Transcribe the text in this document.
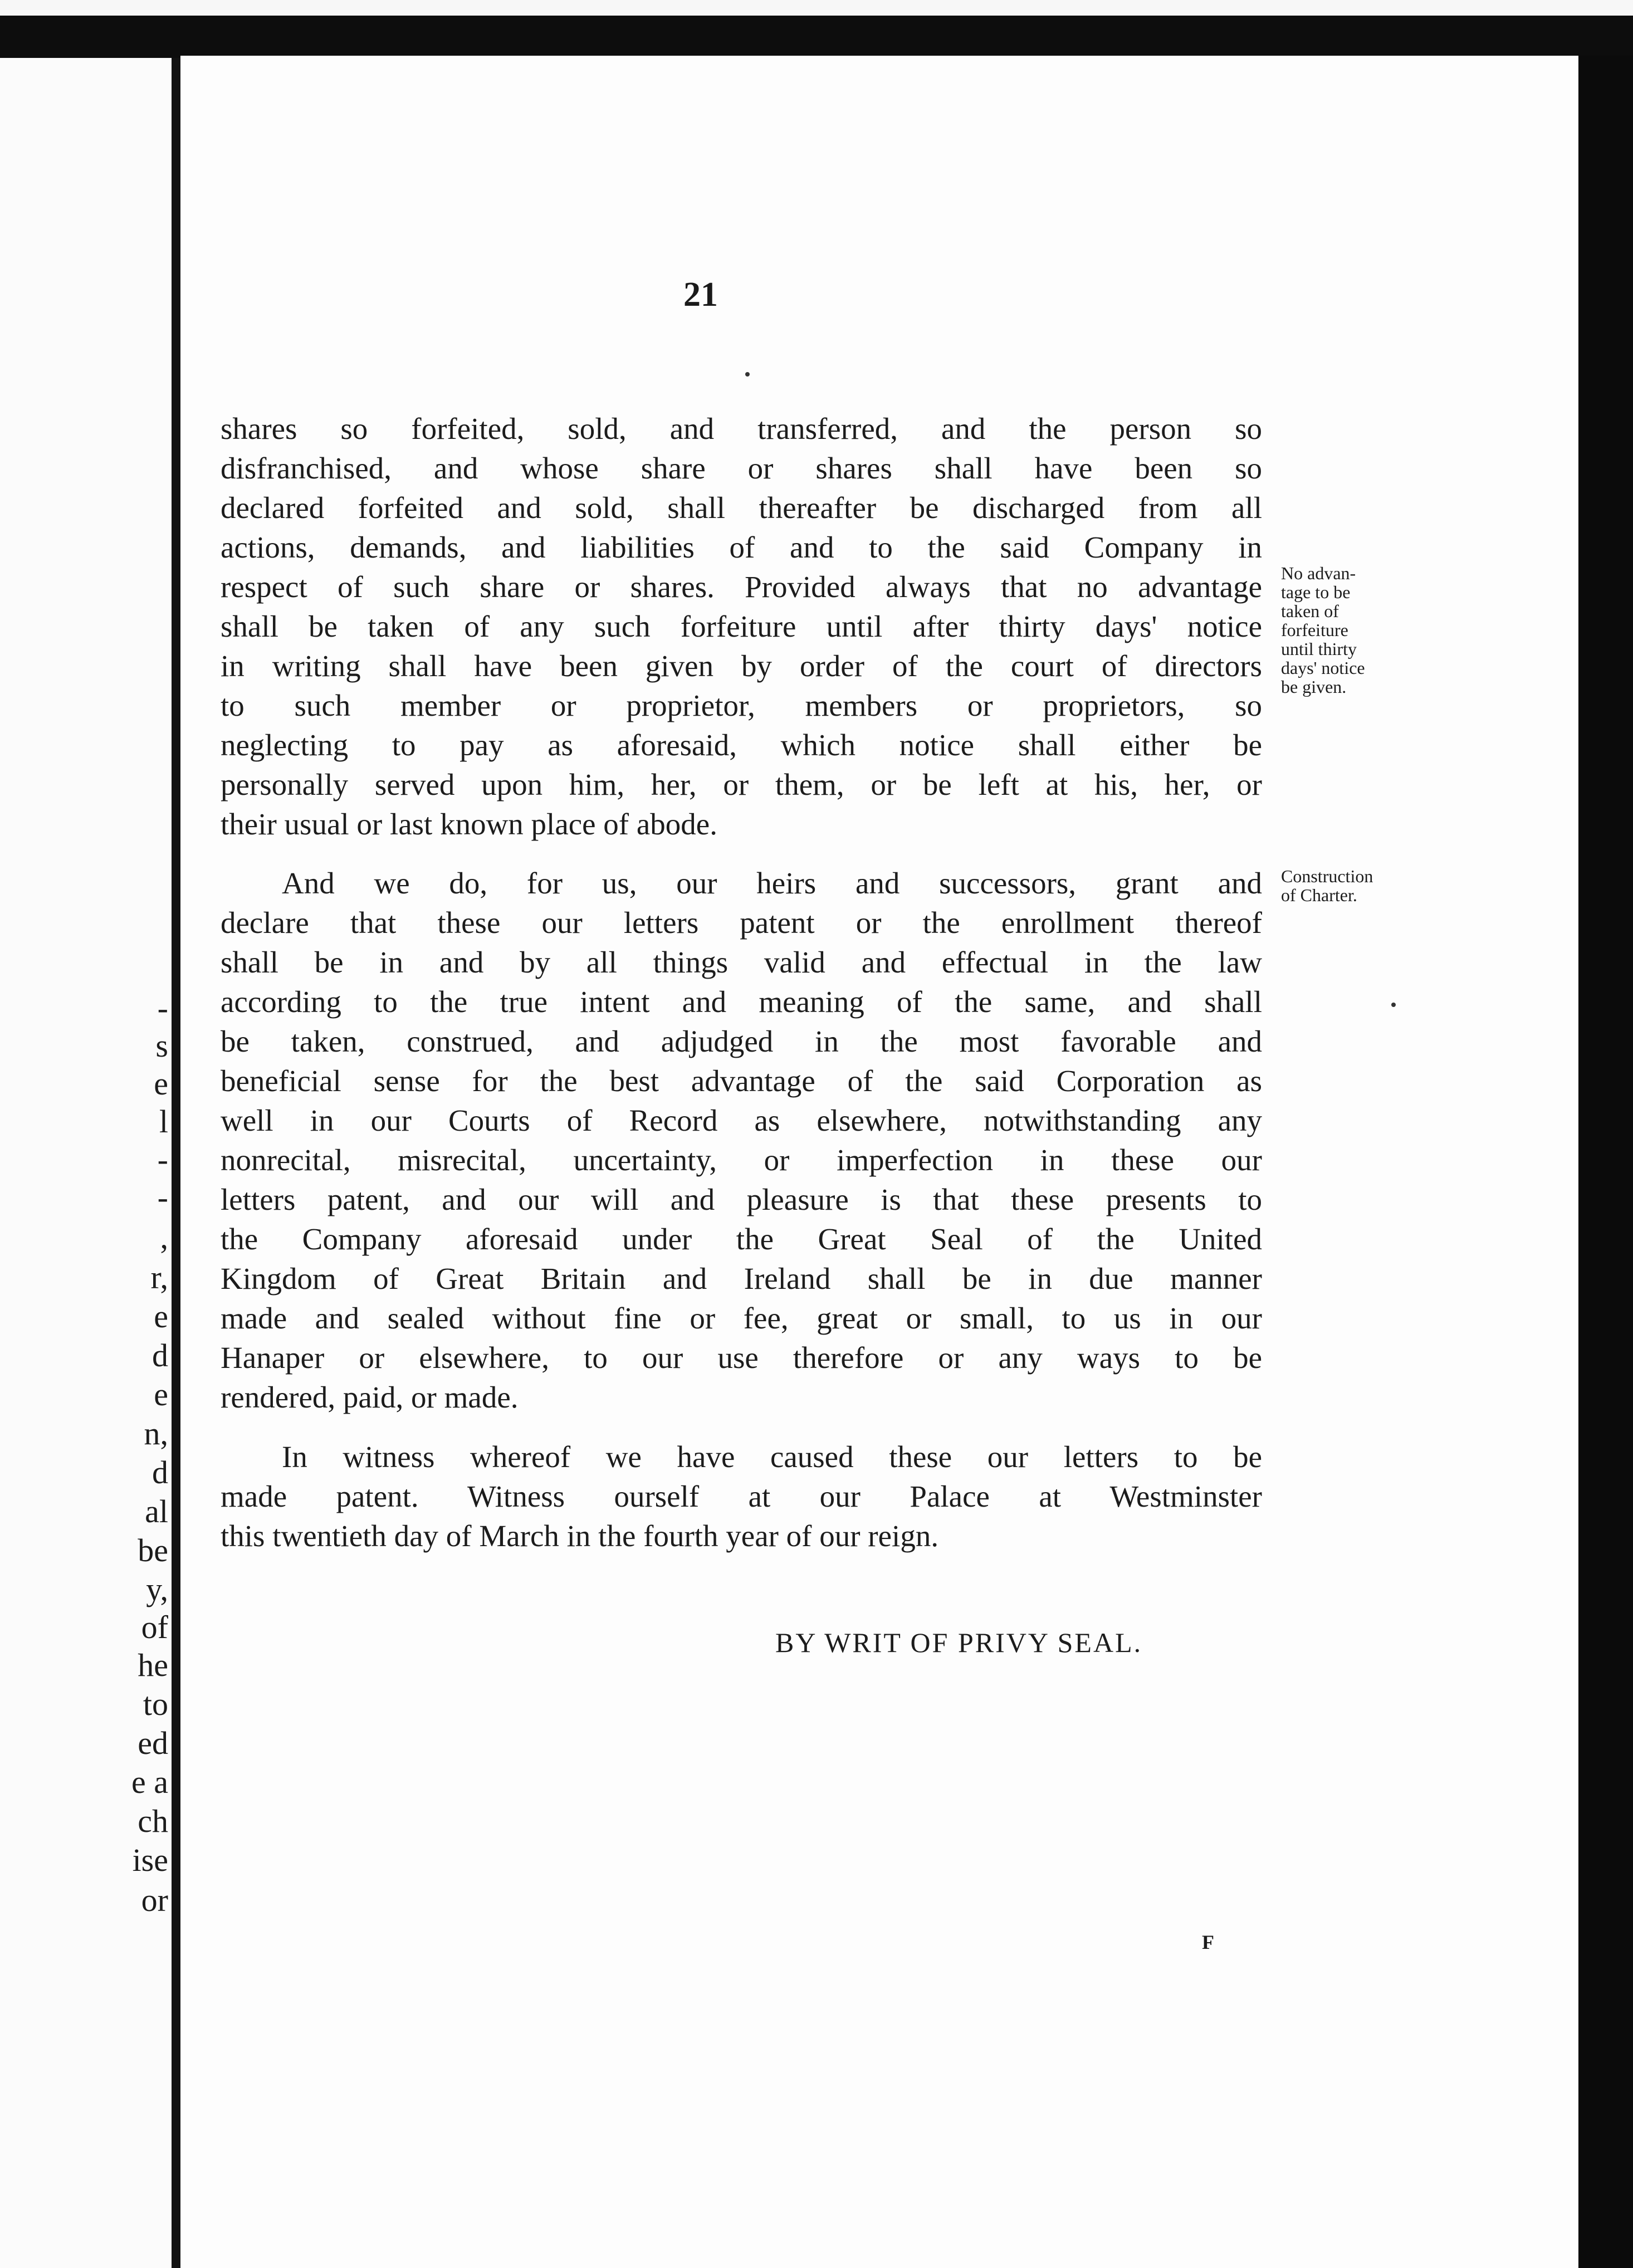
-
s
e
l
-
-
,
r,
e
d
e
n,
d
al
be
y,
of
he
to
ed
e a
ch
ise
or
21

shares so forfeited, sold, and transferred, and the person so
disfranchised, and whose share or shares shall have been so
declared forfeited and sold, shall thereafter be discharged from all
actions, demands, and liabilities of and to the said Company in
respect of such share or shares. Provided always that no advantage
shall be taken of any such forfeiture until after thirty days' notice
in writing shall have been given by order of the court of directors
to such member or proprietor, members or proprietors, so
neglecting to pay as aforesaid, which notice shall either be
personally served upon him, her, or them, or be left at his, her, or
their usual or last known place of abode.

No advan-
tage to be
taken of
forfeiture
until thirty
days' notice
be given.

And we do, for us, our heirs and successors, grant and
declare that these our letters patent or the enrollment thereof
shall be in and by all things valid and effectual in the law
according to the true intent and meaning of the same, and shall
be taken, construed, and adjudged in the most favorable and
beneficial sense for the best advantage of the said Corporation as
well in our Courts of Record as elsewhere, notwithstanding any
nonrecital, misrecital, uncertainty, or imperfection in these our
letters patent, and our will and pleasure is that these presents to
the Company aforesaid under the Great Seal of the United
Kingdom of Great Britain and Ireland shall be in due manner
made and sealed without fine or fee, great or small, to us in our
Hanaper or elsewhere, to our use therefore or any ways to be
rendered, paid, or made.

Construction
of Charter.

In witness whereof we have caused these our letters to be
made patent. Witness ourself at our Palace at Westminster
this twentieth day of March in the fourth year of our reign.

BY WRIT OF PRIVY SEAL.
F
